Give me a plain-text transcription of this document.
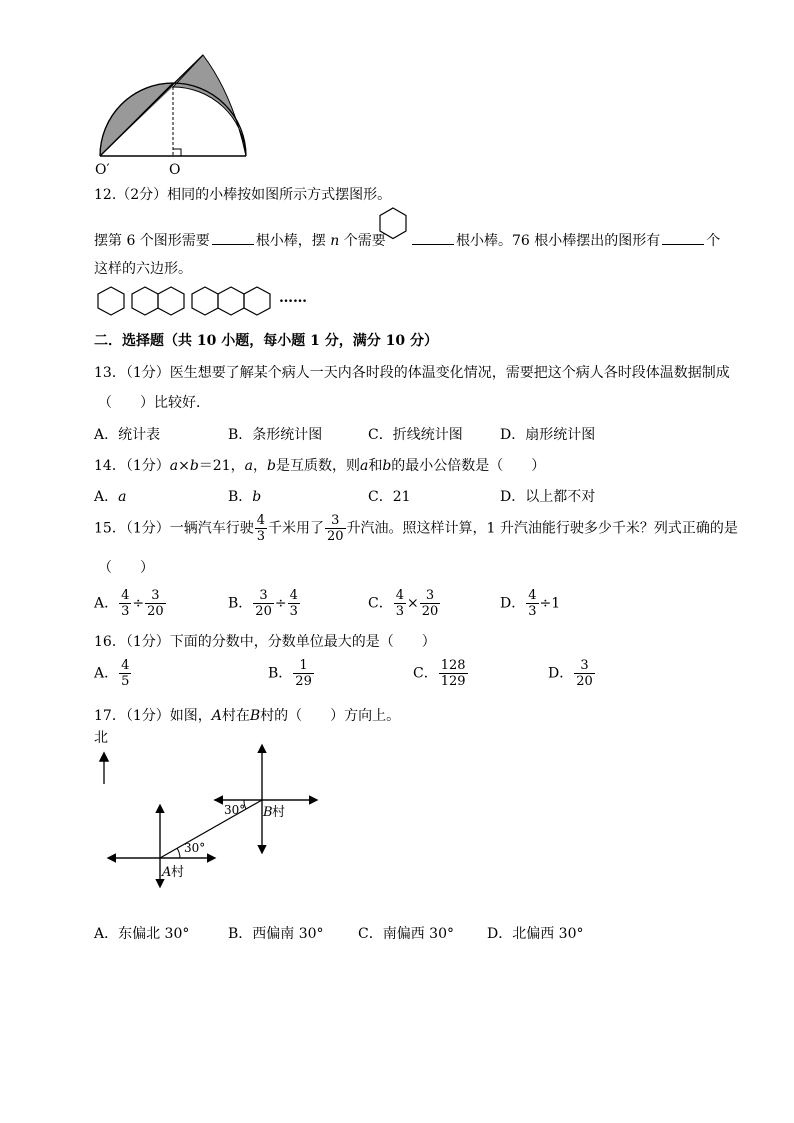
O′	O
12.（2分）相同的小棒按如图所示方式摆图形。
摆第 6 个图形需要	根小棒，摆 n 个需要	根小棒。76 根小棒摆出的图形有	个
这样的六边形。
……
二．选择题（共 10 小题，每小题 1 分，满分 10 分）
13．（1分）医生想要了解某个病人一天内各时段的体温变化情况，需要把这个病人各时段体温数据制成
（　　）比较好．
A．统计表	B．条形统计图	C．折线统计图	D．扇形统计图
14．（1分）a×b＝21，a，b是互质数，则a和b的最小公倍数是（　　）
A．a	B．b	C．21	D．以上都不对
15．（1分）一辆汽车行驶 $\frac{4}{3}$ 千米用了 $\frac{3}{20}$ 升汽油。照这样计算，1 升汽油能行驶多少千米？列式正确的是
（　　）
A． $\frac{4}{3} \div \frac{3}{20}$	B． $\frac{3}{20} \div \frac{4}{3}$	C． $\frac{4}{3} \times \frac{3}{20}$	D． $\frac{4}{3} \div 1$
16．（1分）下面的分数中，分数单位最大的是（　　）
A． $\frac{4}{5}$	B． $\frac{1}{29}$	C． $\frac{128}{129}$	D． $\frac{3}{20}$
17．（1分）如图，A村在B村的（　　）方向上。
北
30°
30°
A 村
B 村
A．东偏北 30°	B．西偏南 30° C．南偏西 30° D．北偏西 30°
